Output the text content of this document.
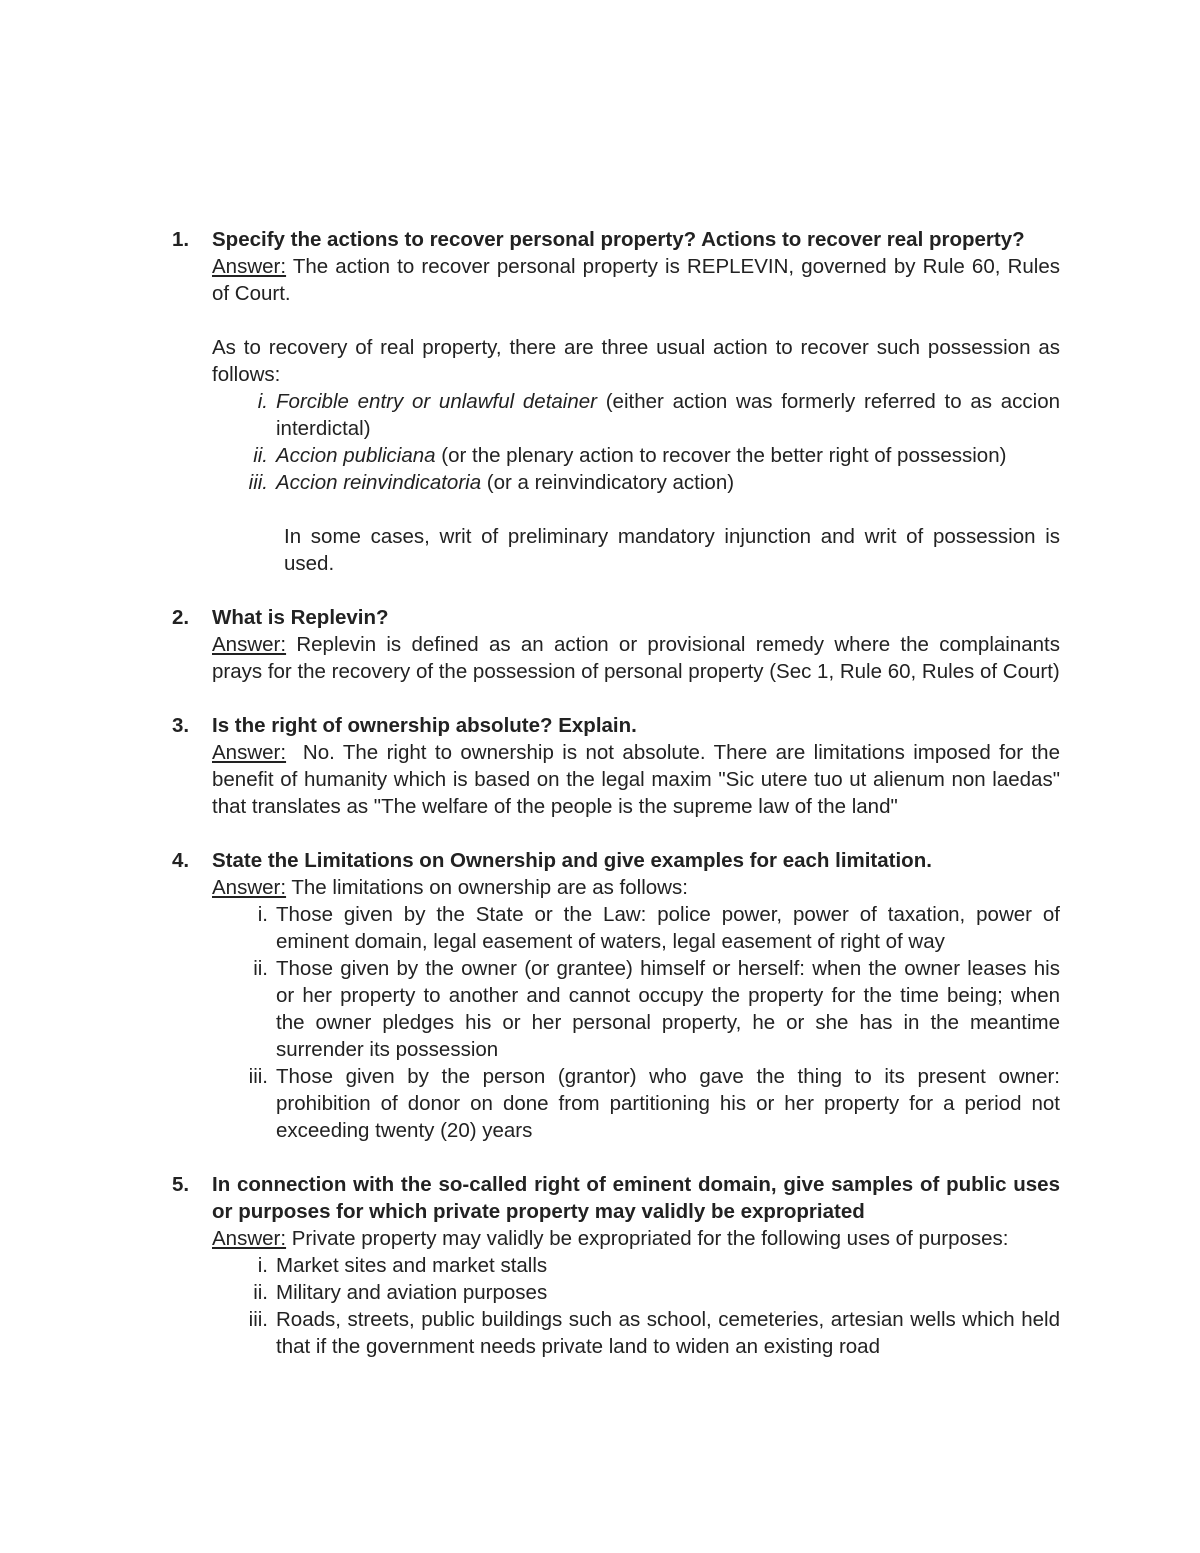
1.	Specify the actions to recover personal property? Actions to recover real property?

Answer: The action to recover personal property is REPLEVIN, governed by Rule 60, Rules of Court.

As to recovery of real property, there are three usual action to recover such possession as follows:

i. Forcible entry or unlawful detainer (either action was formerly referred to as accion interdictal)
ii. Accion publiciana (or the plenary action to recover the better right of possession)
iii. Accion reinvindicatoria (or a reinvindicatory action)
In some cases, writ of preliminary mandatory injunction and writ of possession is used.
2.	What is Replevin?

Answer: Replevin is defined as an action or provisional remedy where the complainants prays for the recovery of the possession of personal property (Sec 1, Rule 60, Rules of Court)

3.	Is the right of ownership absolute? Explain.

Answer:  No. The right to ownership is not absolute. There are limitations imposed for the benefit of humanity which is based on the legal maxim "Sic utere tuo ut alienum non laedas" that translates as "The welfare of the people is the supreme law of the land"

4.	State the Limitations on Ownership and give examples for each limitation.

Answer: The limitations on ownership are as follows:

i. Those given by the State or the Law: police power, power of taxation, power of eminent domain, legal easement of waters, legal easement of right of way
ii. Those given by the owner (or grantee) himself or herself: when the owner leases his or her property to another and cannot occupy the property for the time being; when the owner pledges his or her personal property, he or she has in the meantime surrender its possession
iii. Those given by the person (grantor) who gave the thing to its present owner: prohibition of donor on done from partitioning his or her property for a period not exceeding twenty (20) years
5.	In connection with the so-called right of eminent domain, give samples of public uses or purposes for which private property may validly be expropriated

Answer: Private property may validly be expropriated for the following uses of purposes:

i. Market sites and market stalls
ii. Military and aviation purposes
iii. Roads, streets, public buildings such as school, cemeteries, artesian wells which held that if the government needs private land to widen an existing road
